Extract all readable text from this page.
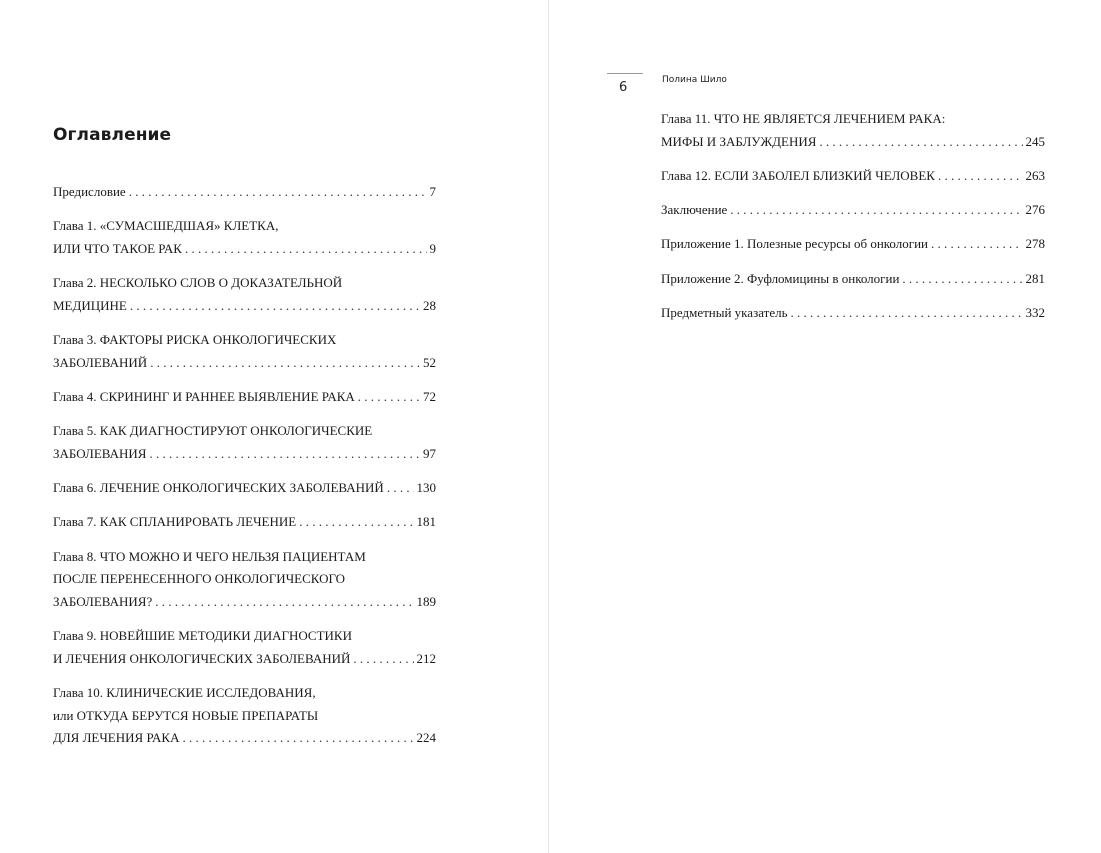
Оглавление
Предисловие . . .	7
Глава 1. «СУМАСШЕДШАЯ» КЛЕТКА,
ИЛИ ЧТО ТАКОЕ РАК . . .	9
Глава 2. НЕСКОЛЬКО СЛОВ О ДОКАЗАТЕЛЬНОЙ
МЕДИЦИНЕ . . .	28
Глава 3. ФАКТОРЫ РИСКА ОНКОЛОГИЧЕСКИХ
ЗАБОЛЕВАНИЙ . . .	52
Глава 4. СКРИНИНГ И РАННЕЕ ВЫЯВЛЕНИЕ РАКА . . .	72
Глава 5. КАК ДИАГНОСТИРУЮТ ОНКОЛОГИЧЕСКИЕ
ЗАБОЛЕВАНИЯ . . .	97
Глава 6. ЛЕЧЕНИЕ ОНКОЛОГИЧЕСКИХ ЗАБОЛЕВАНИЙ . . .	130
Глава 7. КАК СПЛАНИРОВАТЬ ЛЕЧЕНИЕ . . .	181
Глава 8. ЧТО МОЖНО И ЧЕГО НЕЛЬЗЯ ПАЦИЕНТАМ
ПОСЛЕ ПЕРЕНЕСЕННОГО ОНКОЛОГИЧЕСКОГО
ЗАБОЛЕВАНИЯ? . . .	189
Глава 9. НОВЕЙШИЕ МЕТОДИКИ ДИАГНОСТИКИ
И ЛЕЧЕНИЯ ОНКОЛОГИЧЕСКИХ ЗАБОЛЕВАНИЙ . . .	212
Глава 10. КЛИНИЧЕСКИЕ ИССЛЕДОВАНИЯ,
или ОТКУДА БЕРУТСЯ НОВЫЕ ПРЕПАРАТЫ
ДЛЯ ЛЕЧЕНИЯ РАКА . . .	224
6	Полина Шило
Глава 11. ЧТО НЕ ЯВЛЯЕТСЯ ЛЕЧЕНИЕМ РАКА:
МИФЫ И ЗАБЛУЖДЕНИЯ . . .	245
Глава 12. ЕСЛИ ЗАБОЛЕЛ БЛИЗКИЙ ЧЕЛОВЕК . . .	263
Заключение . . .	276
Приложение 1. Полезные ресурсы об онкологии . . .	278
Приложение 2. Фуфломицины в онкологии . . .	281
Предметный указатель . . .	332
